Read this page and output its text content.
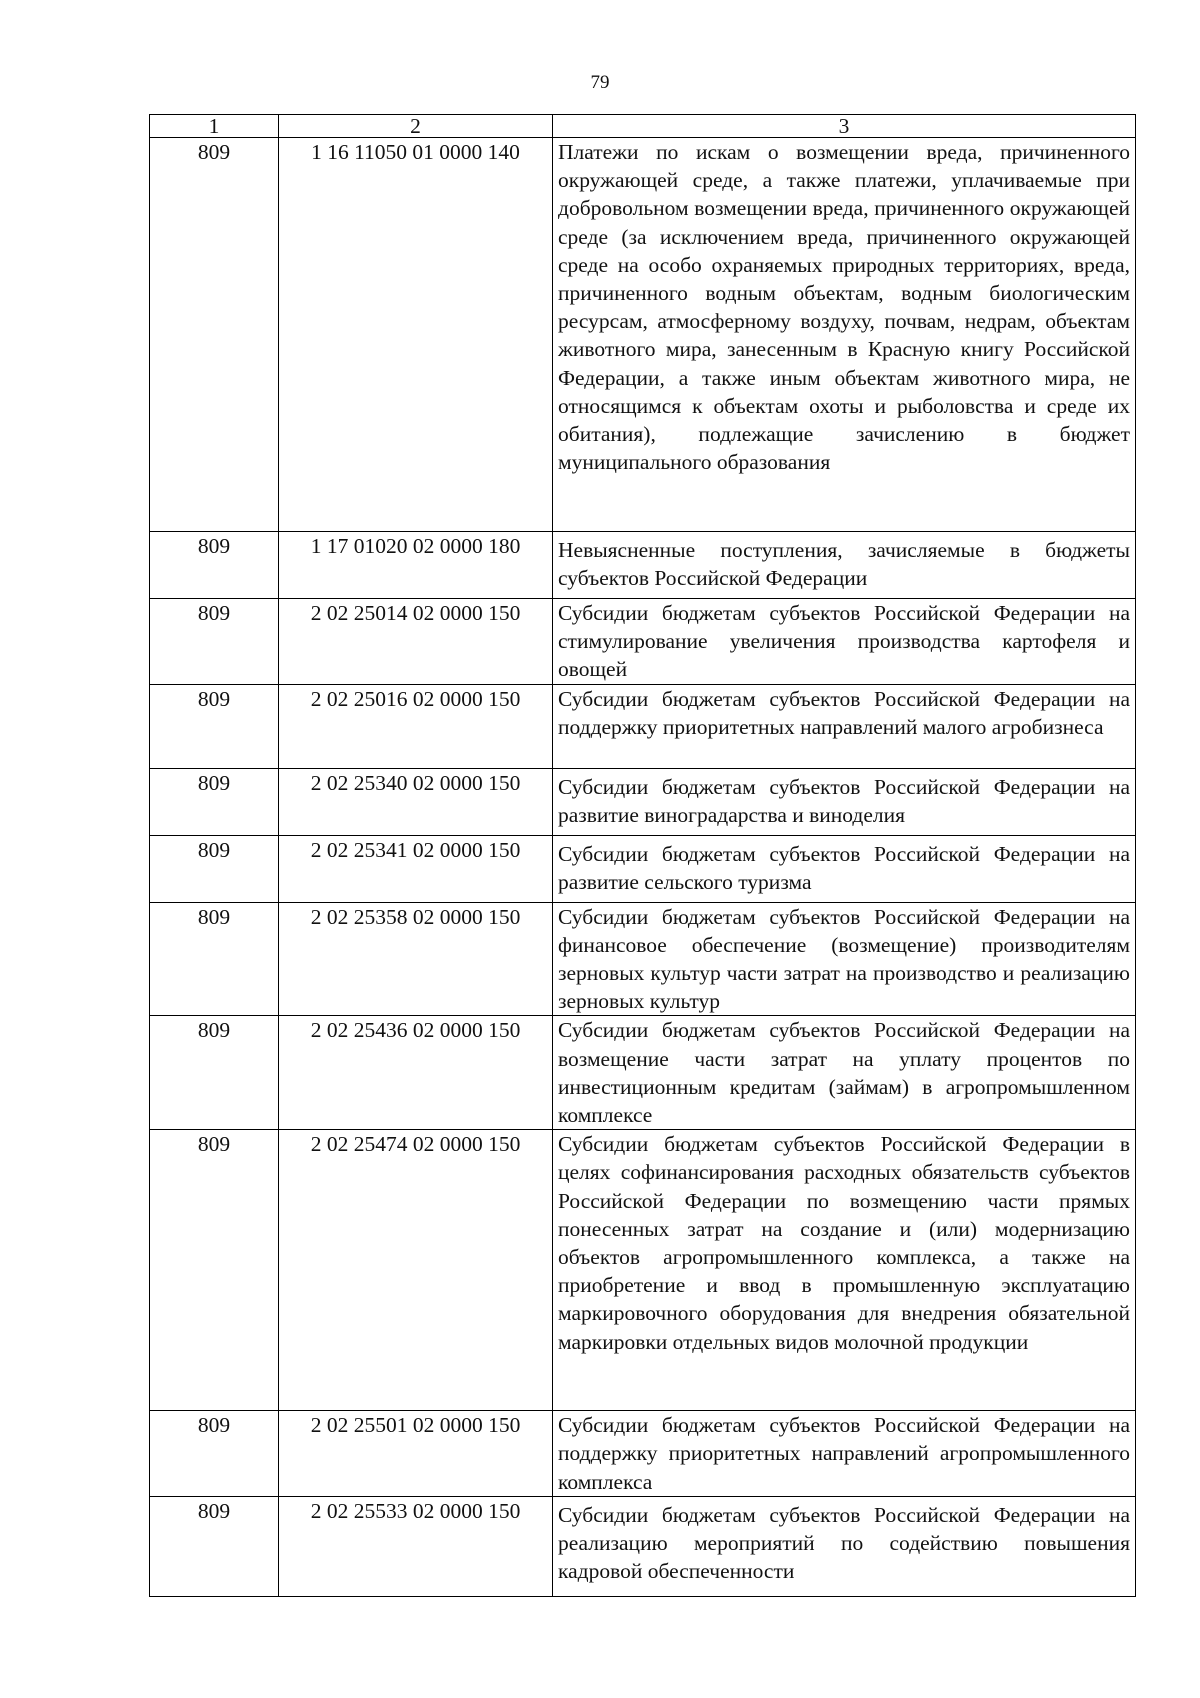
79
1	2	3
809	1 16 11050 01 0000 140	Платежи по искам о возмещении вреда, причиненного окружающей среде, а также платежи, уплачиваемые при добровольном возмещении вреда, причиненного окружающей среде (за исключением вреда, причиненного окружающей среде на особо охраняемых природных территориях, вреда, причиненного водным объектам, водным биологическим ресурсам, атмосферному воздуху, почвам, недрам, объектам животного мира, занесенным в Красную книгу Российской Федерации, а также иным объектам животного мира, не относящимся к объектам охоты и рыболовства и среде их обитания), подлежащие зачислению в бюджет муниципального образования
809	1 17 01020 02 0000 180	Невыясненные поступления, зачисляемые в бюджеты субъектов Российской Федерации
809	2 02 25014 02 0000 150	Субсидии бюджетам субъектов Российской Федерации на стимулирование увеличения производства картофеля и овощей
809	2 02 25016 02 0000 150	Субсидии бюджетам субъектов Российской Федерации на поддержку приоритетных направлений малого агробизнеса
809	2 02 25340 02 0000 150	Субсидии бюджетам субъектов Российской Федерации на развитие виноградарства и виноделия
809	2 02 25341 02 0000 150	Субсидии бюджетам субъектов Российской Федерации на развитие сельского туризма
809	2 02 25358 02 0000 150	Субсидии бюджетам субъектов Российской Федерации на финансовое обеспечение (возмещение) производителям зерновых культур части затрат на производство и реализацию зерновых культур
809	2 02 25436 02 0000 150	Субсидии бюджетам субъектов Российской Федерации на возмещение части затрат на уплату процентов по инвестиционным кредитам (займам) в агропромышленном комплексе
809	2 02 25474 02 0000 150	Субсидии бюджетам субъектов Российской Федерации в целях софинансирования расходных обязательств субъектов Российской Федерации по возмещению части прямых понесенных затрат на создание и (или) модернизацию объектов агропромышленного комплекса, а также на приобретение и ввод в промышленную эксплуатацию маркировочного оборудования для внедрения обязательной маркировки отдельных видов молочной продукции
809	2 02 25501 02 0000 150	Субсидии бюджетам субъектов Российской Федерации на поддержку приоритетных направлений агропромышленного комплекса
809	2 02 25533 02 0000 150	Субсидии бюджетам субъектов Российской Федерации на реализацию мероприятий по содействию повышения кадровой обеспеченности
